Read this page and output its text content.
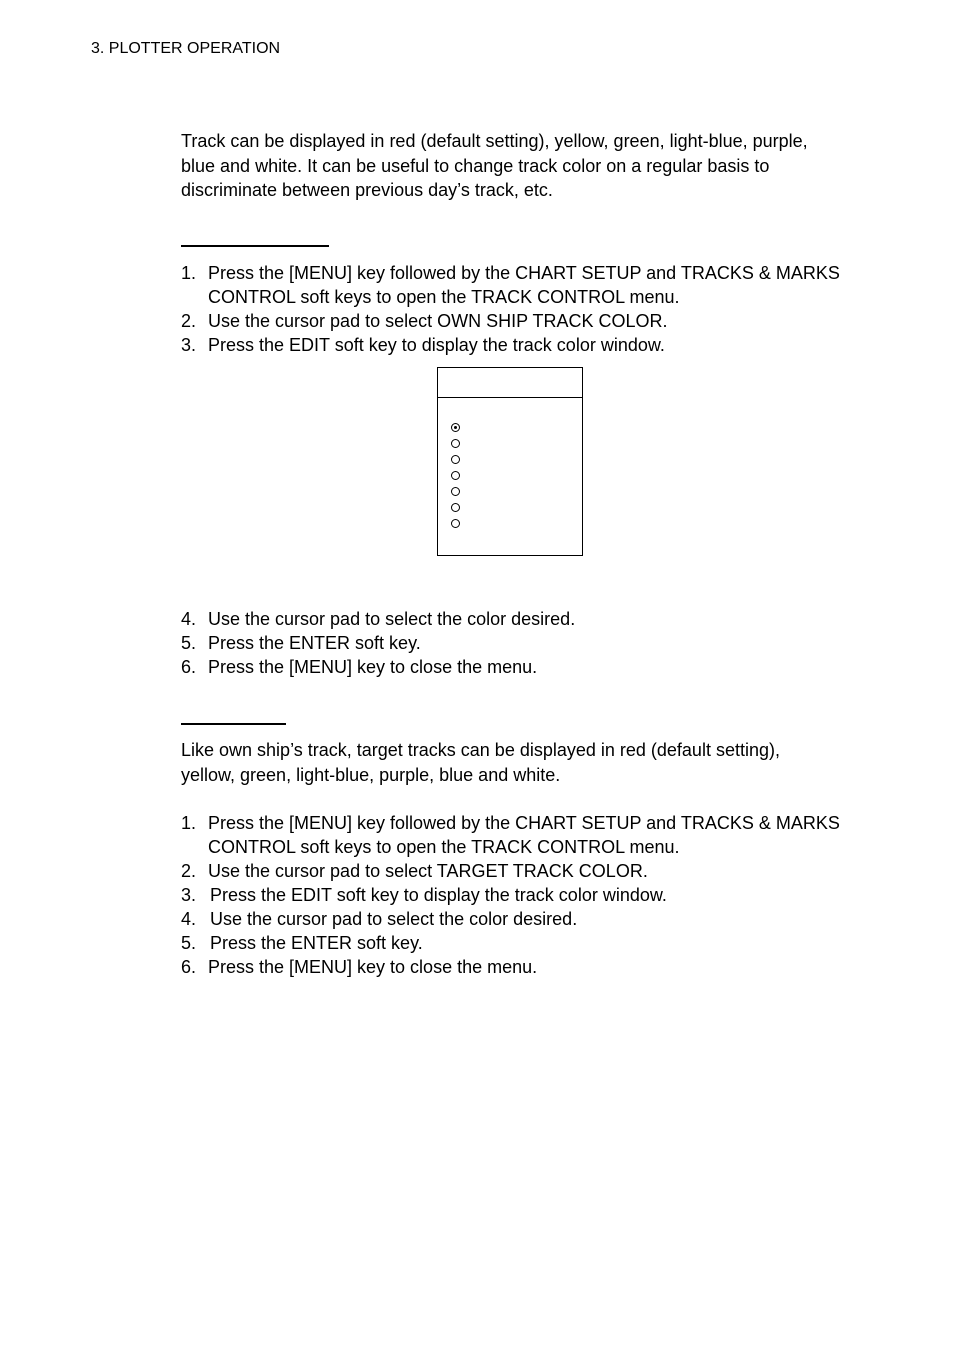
3. PLOTTER OPERATION

Track can be displayed in red (default setting), yellow, green, light-blue, purple, blue and white. It can be useful to change track color on a regular basis to discriminate between previous day’s track, etc.

1. Press the [MENU] key followed by the CHART SETUP and TRACKS & MARKS CONTROL soft keys to open the TRACK CONTROL menu.
2. Use the cursor pad to select OWN SHIP TRACK COLOR.
3. Press the EDIT soft key to display the track color window.
4. Use the cursor pad to select the color desired.
5. Press the ENTER soft key.
6. Press the [MENU] key to close the menu.

Like own ship’s track, target tracks can be displayed in red (default setting), yellow, green, light-blue, purple, blue and white.

1. Press the [MENU] key followed by the CHART SETUP and TRACKS & MARKS CONTROL soft keys to open the TRACK CONTROL menu.
2. Use the cursor pad to select TARGET TRACK COLOR.
3. Press the EDIT soft key to display the track color window.
4. Use the cursor pad to select the color desired.
5. Press the ENTER soft key.
6. Press the [MENU] key to close the menu.
